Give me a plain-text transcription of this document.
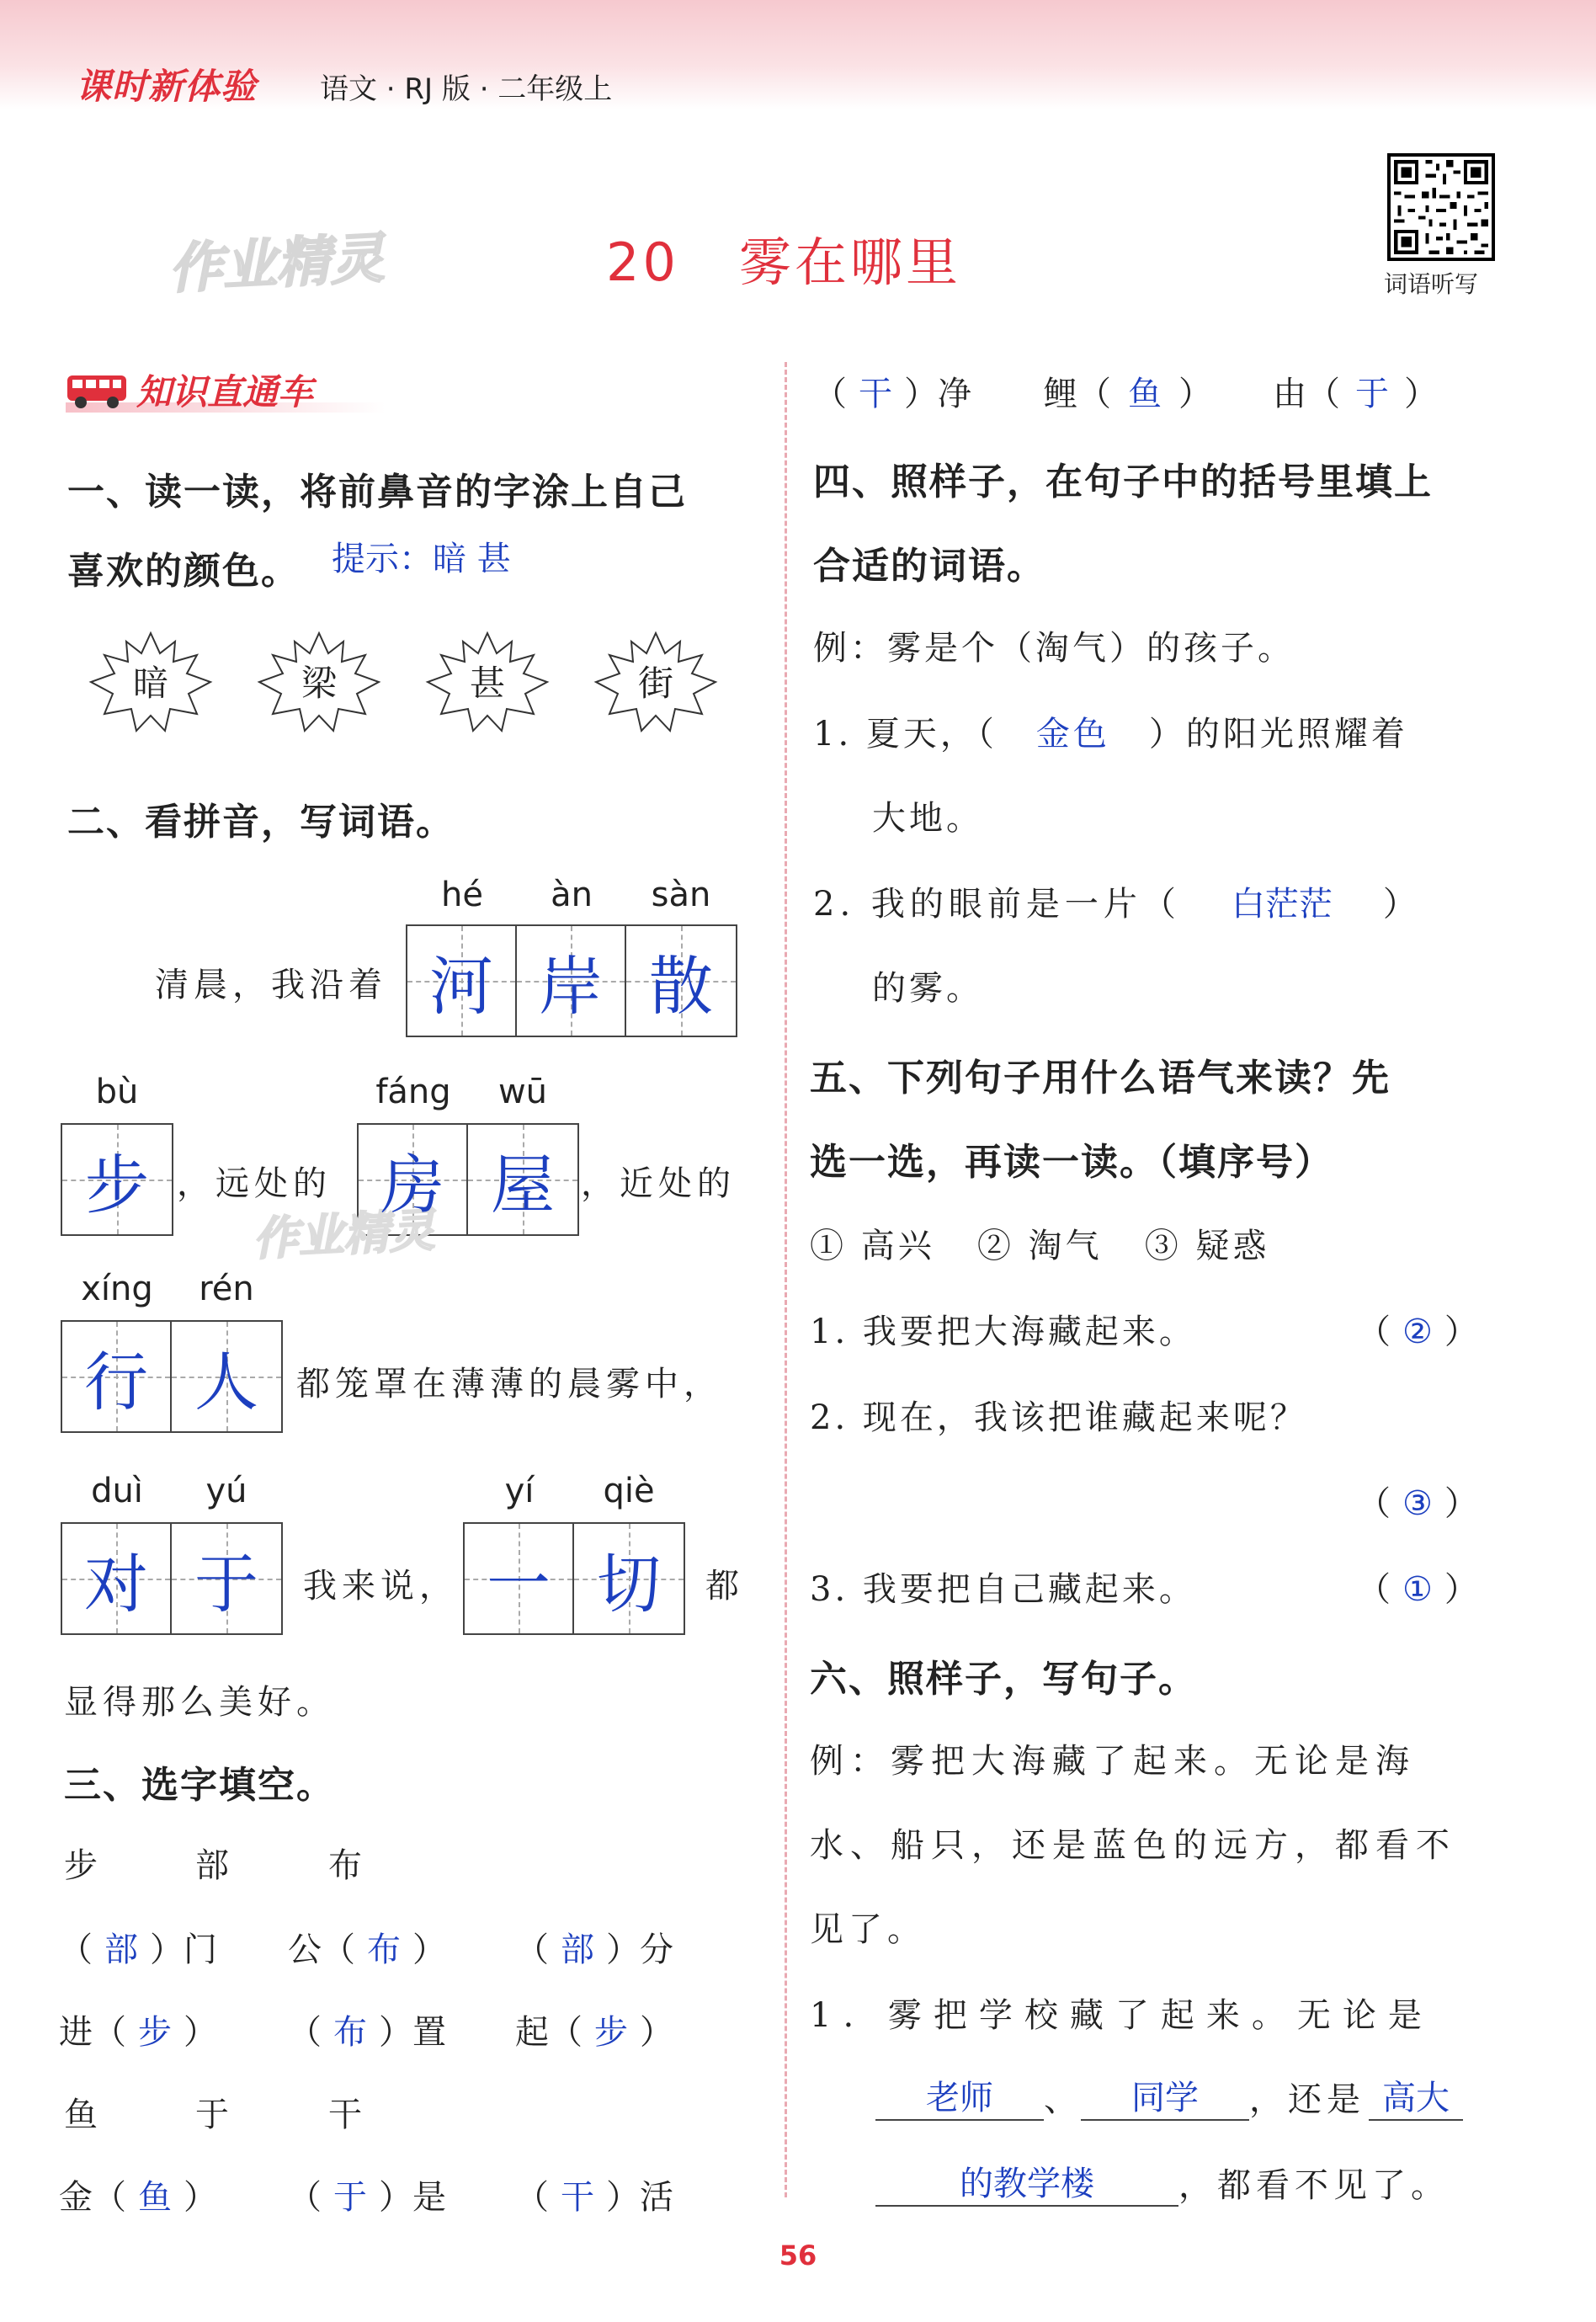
课时新体验 语文 · RJ 版 · 二年级上
作业精灵	20   雾在哪里	词语听写
知识直通车
一、读一读，将前鼻音的字涂上自己
喜欢的颜色。 提示：暗 甚
暗	梁	甚	街
二、看拼音，写词语。
hé	àn	sàn
清晨，我沿着 河 岸 散
bù	fáng	wū
步 ，远处的 房 屋 ，近处的
作业精灵
xíng	rén
行 人 都笼罩在薄薄的晨雾中，
duì	yú	yí	qiè
对 于 我来说， 一 切 都
显得那么美好。
三、选字填空。
步	部	布
（ 部 ）门 公（ 布 ） （ 部 ）分
进（ 步 ） （ 布 ）置 起（ 步 ）
鱼	于	干
金（ 鱼 ） （ 于 ）是 （ 干 ）活
（ 干 ）净 鲤（ 鱼 ） 由（ 于 ）
四、照样子，在句子中的括号里填上
合适的词语。
例：雾是个（淘气）的孩子。
1. 夏天，（ 金色 ）的阳光照耀着
大地。
2. 我的眼前是一片（ 白茫茫 ）
的雾。
五、下列句子用什么语气来读？先
选一选，再读一读。（填序号）
① 高兴   ② 淘气   ③ 疑惑
1. 我要把大海藏起来。	（ ② ）
2. 现在，我该把谁藏起来呢？
（ ③ ）
3. 我要把自己藏起来。	（ ① ）
六、照样子，写句子。
例：雾把大海藏了起来。无论是海
水、船只，还是蓝色的远方，都看不
见了。
1. 雾把学校藏了起来。无论是
老师	、	同学	，还是 高大
的教学楼	，都看不见了。
56
